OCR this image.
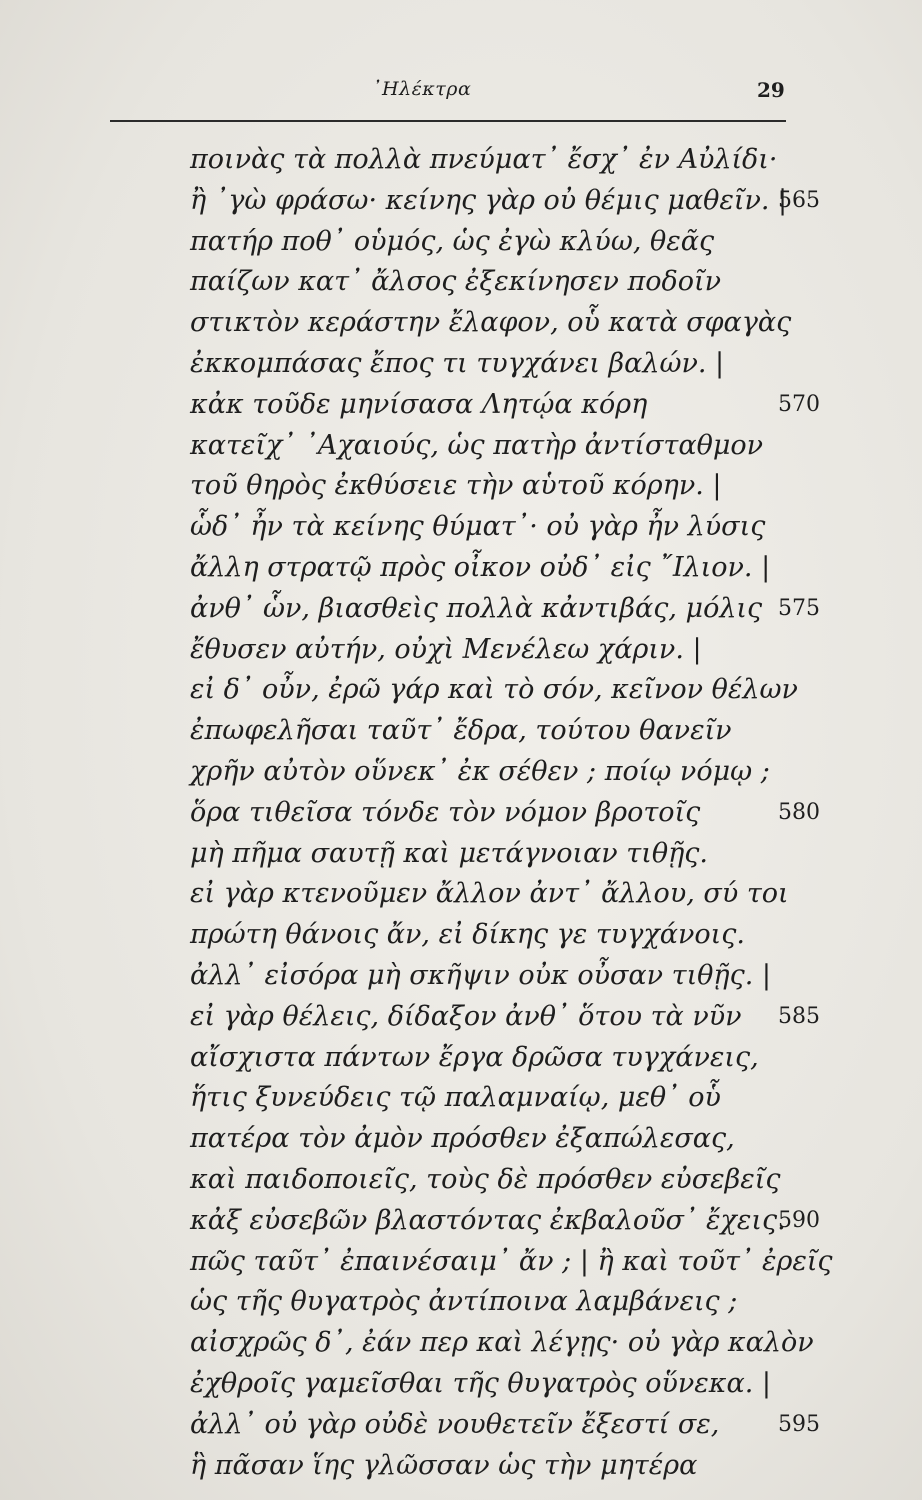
᾽Ηλέκτρα	29
ποινὰς τὰ πολλὰ πνεύματ᾽ ἔσχ᾽ ἐν Αὐλίδι·
ἢ ᾽γὼ φράσω· κείνης γὰρ οὐ θέμις μαθεῖν. |
565
πατήρ ποθ᾽ οὑμός, ὡς ἐγὼ κλύω, θεᾶς
παίζων κατ᾽ ἄλσος ἐξεκίνησεν ποδοῖν
στικτὸν κεράστην ἔλαφον, οὗ κατὰ σφαγὰς
ἐκκομπάσας ἔπος τι τυγχάνει βαλών. |
κἀκ τοῦδε μηνίσασα Λητῴα κόρη	570
κατεῖχ᾽ ᾽Αχαιούς, ὡς πατὴρ ἀντίσταθμον
τοῦ θηρὸς ἐκθύσειε τὴν αὑτοῦ κόρην. |
ὧδ᾽ ἦν τὰ κείνης θύματ᾽· οὐ γὰρ ἦν λύσις
ἄλλη στρατῷ πρὸς οἶκον οὐδ᾽ εἰς ῎Ιλιον. |
ἀνθ᾽ ὧν, βιασθεὶς πολλὰ κἀντιβάς, μόλις 575
ἔθυσεν αὐτήν, οὐχὶ Μενέλεω χάριν. |
εἰ δ᾽ οὖν, ἐρῶ γάρ καὶ τὸ σόν, κεῖνον θέλων
ἐπωφελῆσαι ταῦτ᾽ ἔδρα, τούτου θανεῖν
χρῆν αὐτὸν οὕνεκ᾽ ἐκ σέθεν ; ποίῳ νόμῳ ;
ὅρα τιθεῖσα τόνδε τὸν νόμον βροτοῖς	580
μὴ πῆμα σαυτῇ καὶ μετάγνοιαν τιθῇς.
εἰ γὰρ κτενοῦμεν ἄλλον ἀντ᾽ ἄλλου, σύ τοι
πρώτη θάνοις ἄν, εἰ δίκης γε τυγχάνοις.
ἀλλ᾽ εἰσόρα μὴ σκῆψιν οὐκ οὖσαν τιθῇς. |
εἰ γὰρ θέλεις, δίδαξον ἀνθ᾽ ὅτου τὰ νῦν	585
αἴσχιστα πάντων ἔργα δρῶσα τυγχάνεις,
ἥτις ξυνεύδεις τῷ παλαμναίῳ, μεθ᾽ οὗ
πατέρα τὸν ἀμὸν πρόσθεν ἐξαπώλεσας,
καὶ παιδοποιεῖς, τοὺς δὲ πρόσθεν εὐσεβεῖς
κἀξ εὐσεβῶν βλαστόντας ἐκβαλοῦσ᾽ ἔχεις.
590
πῶς ταῦτ᾽ ἐπαινέσαιμ᾽ ἄν ; | ἢ καὶ τοῦτ᾽ ἐρεῖς
ὡς τῆς θυγατρὸς ἀντίποινα λαμβάνεις ;
αἰσχρῶς δ᾽, ἐάν περ καὶ λέγῃς· οὐ γὰρ καλὸν
ἐχθροῖς γαμεῖσθαι τῆς θυγατρὸς οὕνεκα. |
ἀλλ᾽ οὐ γὰρ οὐδὲ νουθετεῖν ἔξεστί σε,	595
ἣ πᾶσαν ἵης γλῶσσαν ὡς τὴν μητέρα
